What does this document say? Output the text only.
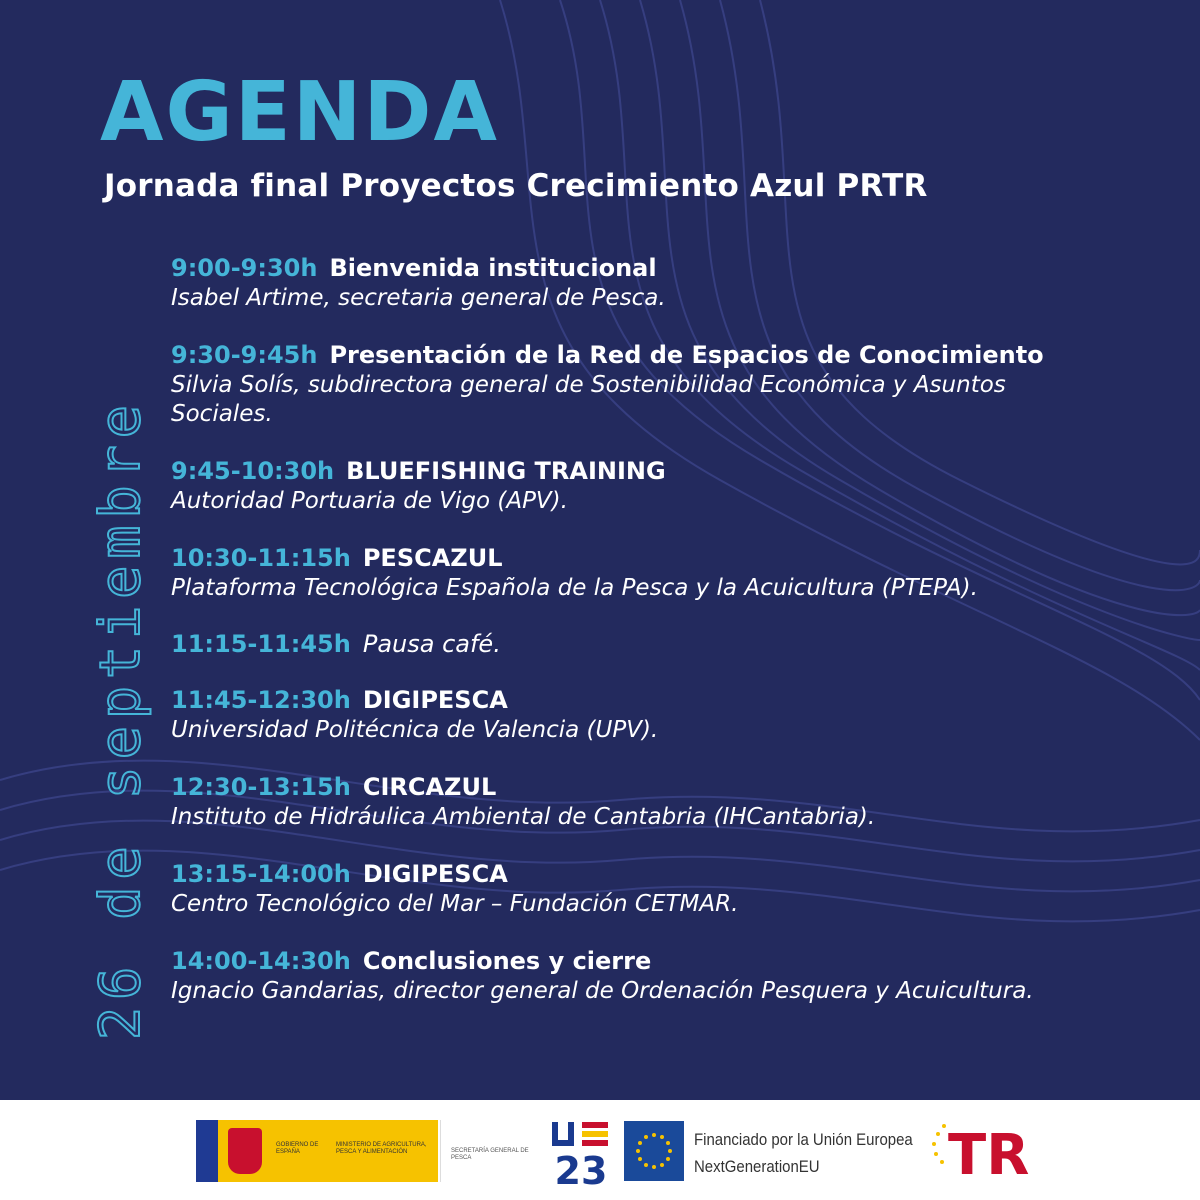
AGENDA
Jornada final Proyectos Crecimiento Azul PRTR
26 de septiembre
9:00-9:30h Bienvenida institucional
Isabel Artime, secretaria general de Pesca.
9:30-9:45h Presentación de la Red de Espacios de Conocimiento
Silvia Solís, subdirectora general de Sostenibilidad Económica y Asuntos Sociales.
9:45-10:30h BLUEFISHING TRAINING
Autoridad Portuaria de Vigo (APV).
10:30-11:15h PESCAZUL
Plataforma Tecnológica Española de la Pesca y la Acuicultura (PTEPA).
11:15-11:45h Pausa café.
11:45-12:30h DIGIPESCA
Universidad Politécnica de Valencia (UPV).
12:30-13:15h CIRCAZUL
Instituto de Hidráulica Ambiental de Cantabria (IHCantabria).
13:15-14:00h DIGIPESCA
Centro Tecnológico del Mar – Fundación CETMAR.
14:00-14:30h Conclusiones y cierre
Ignacio Gandarias, director general de Ordenación Pesquera y Acuicultura.
GOBIERNO DE ESPAÑA
MINISTERIO DE AGRICULTURA, PESCA Y ALIMENTACIÓN	SECRETARÍA GENERAL DE PESCA	23
Financiado por la Unión Europea
NextGenerationEU	TR
